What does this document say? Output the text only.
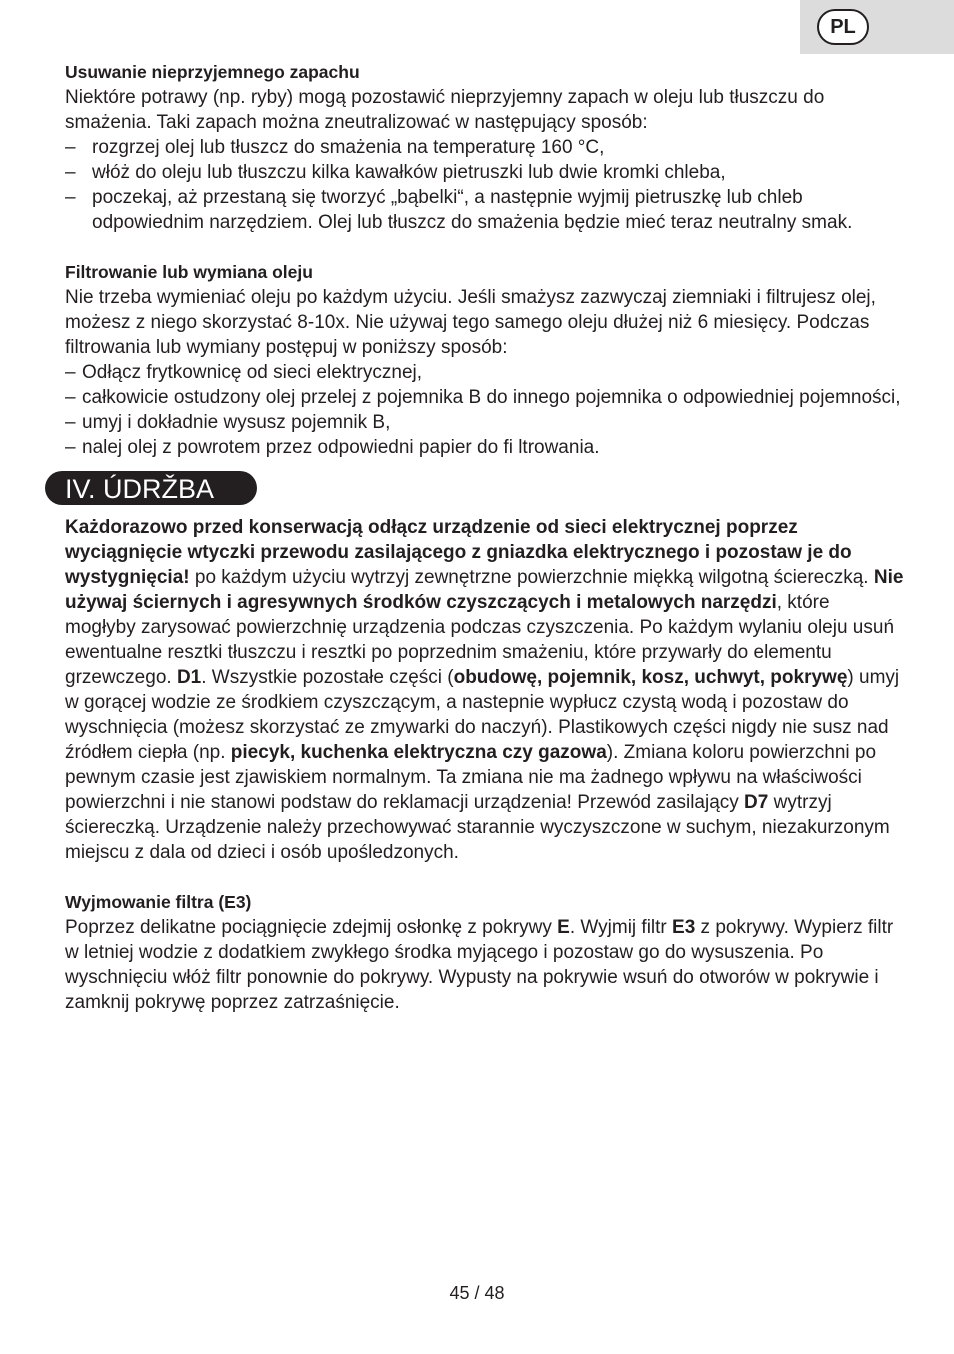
PL

Usuwanie nieprzyjemnego zapachu

Niektóre potrawy (np. ryby) mogą pozostawić nieprzyjemny zapach w oleju lub tłuszczu do smażenia. Taki zapach można zneutralizować w następujący sposób:

– rozgrzej olej lub tłuszcz do smażenia na temperaturę 160 °C,
– włóż do oleju lub tłuszczu kilka kawałków pietruszki lub dwie kromki chleba,
– poczekaj, aż przestaną się tworzyć „bąbelki“, a następnie wyjmij pietruszkę lub chleb odpowiednim narzędziem. Olej lub tłuszcz do smażenia będzie mieć teraz neutralny smak.

Filtrowanie lub wymiana oleju

Nie trzeba wymieniać oleju po każdym użyciu. Jeśli smażysz zazwyczaj ziemniaki i filtrujesz olej, możesz z niego skorzystać 8-10x. Nie używaj tego samego oleju dłużej niż 6 miesięcy. Podczas filtrowania lub wymiany postępuj w poniższy sposób:

– Odłącz frytkownicę od sieci elektrycznej,
– całkowicie ostudzony olej przelej z pojemnika B do innego pojemnika o odpowiedniej pojemności,
– umyj i dokładnie wysusz pojemnik B,
– nalej olej z powrotem przez odpowiedni papier do fi ltrowania.
IV. ÚDRŽBA

Każdorazowo przed konserwacją odłącz urządzenie od sieci elektrycznej poprzez wyciągnięcie wtyczki przewodu zasilającego z gniazdka elektrycznego i pozostaw je do wystygnięcia! po każdym użyciu wytrzyj zewnętrzne powierzchnie miękką wilgotną ściereczką. Nie używaj ściernych i agresywnych środków czyszczących i metalowych narzędzi, które mogłyby zarysować powierzchnię urządzenia podczas czyszczenia. Po każdym wylaniu oleju usuń ewentualne resztki tłuszczu i resztki po poprzednim smażeniu, które przywarły do elementu grzewczego. D1. Wszystkie pozostałe części (obudowę, pojemnik, kosz, uchwyt, pokrywę) umyj w gorącej wodzie ze środkiem czyszczącym, a nastepnie wypłucz czystą wodą i pozostaw do wyschnięcia (możesz skorzystać ze zmywarki do naczyń). Plastikowych części nigdy nie susz nad źródłem ciepła (np. piecyk, kuchenka elektryczna czy gazowa). Zmiana koloru powierzchni po pewnym czasie jest zjawiskiem normalnym. Ta zmiana nie ma żadnego wpływu na właściwości powierzchni i nie stanowi podstaw do reklamacji urządzenia! Przewód zasilający D7 wytrzyj ściereczką. Urządzenie należy przechowywać starannie wyczyszczone w suchym, niezakurzonym miejscu z dala od dzieci i osób upośledzonych.

Wyjmowanie filtra (E3)

Poprzez delikatne pociągnięcie zdejmij osłonkę z pokrywy E. Wyjmij filtr E3 z pokrywy. Wypierz filtr w letniej wodzie z dodatkiem zwykłego środka myjącego i pozostaw go do wysuszenia. Po wyschnięciu włóż filtr ponownie do pokrywy. Wypusty na pokrywie wsuń do otworów w pokrywie i zamknij pokrywę poprzez zatrzaśnięcie.

45 / 48
